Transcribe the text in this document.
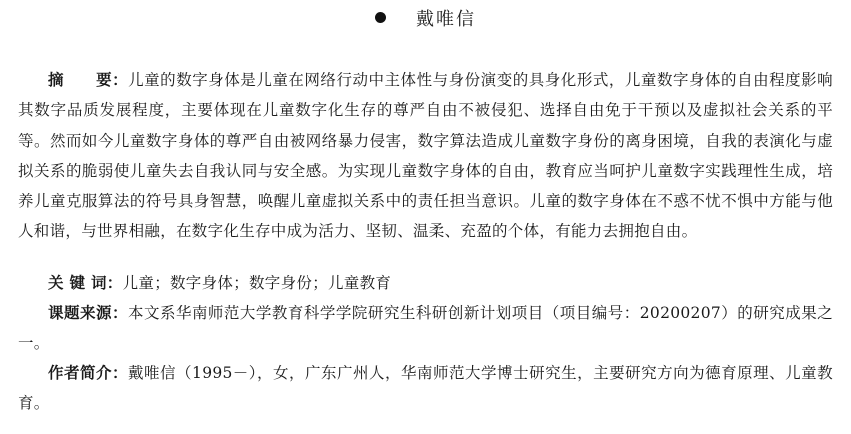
戴唯信
摘　　要：儿童的数字身体是儿童在网络行动中主体性与身份演变的具身化形式，儿童数字身体的自由程度影响其数字品质发展程度，主要体现在儿童数字化生存的尊严自由不被侵犯、选择自由免于干预以及虚拟社会关系的平等。然而如今儿童数字身体的尊严自由被网络暴力侵害，数字算法造成儿童数字身份的离身困境，自我的表演化与虚拟关系的脆弱使儿童失去自我认同与安全感。为实现儿童数字身体的自由，教育应当呵护儿童数字实践理性生成，培养儿童克服算法的符号具身智慧，唤醒儿童虚拟关系中的责任担当意识。儿童的数字身体在不惑不忧不惧中方能与他人和谐，与世界相融，在数字化生存中成为活力、坚韧、温柔、充盈的个体，有能力去拥抱自由。
关 键 词：儿童；数字身体；数字身份；儿童教育
课题来源：本文系华南师范大学教育科学学院研究生科研创新计划项目（项目编号：20200207）的研究成果之一。
作者简介：戴唯信（1995－），女，广东广州人，华南师范大学博士研究生，主要研究方向为德育原理、儿童教育。
